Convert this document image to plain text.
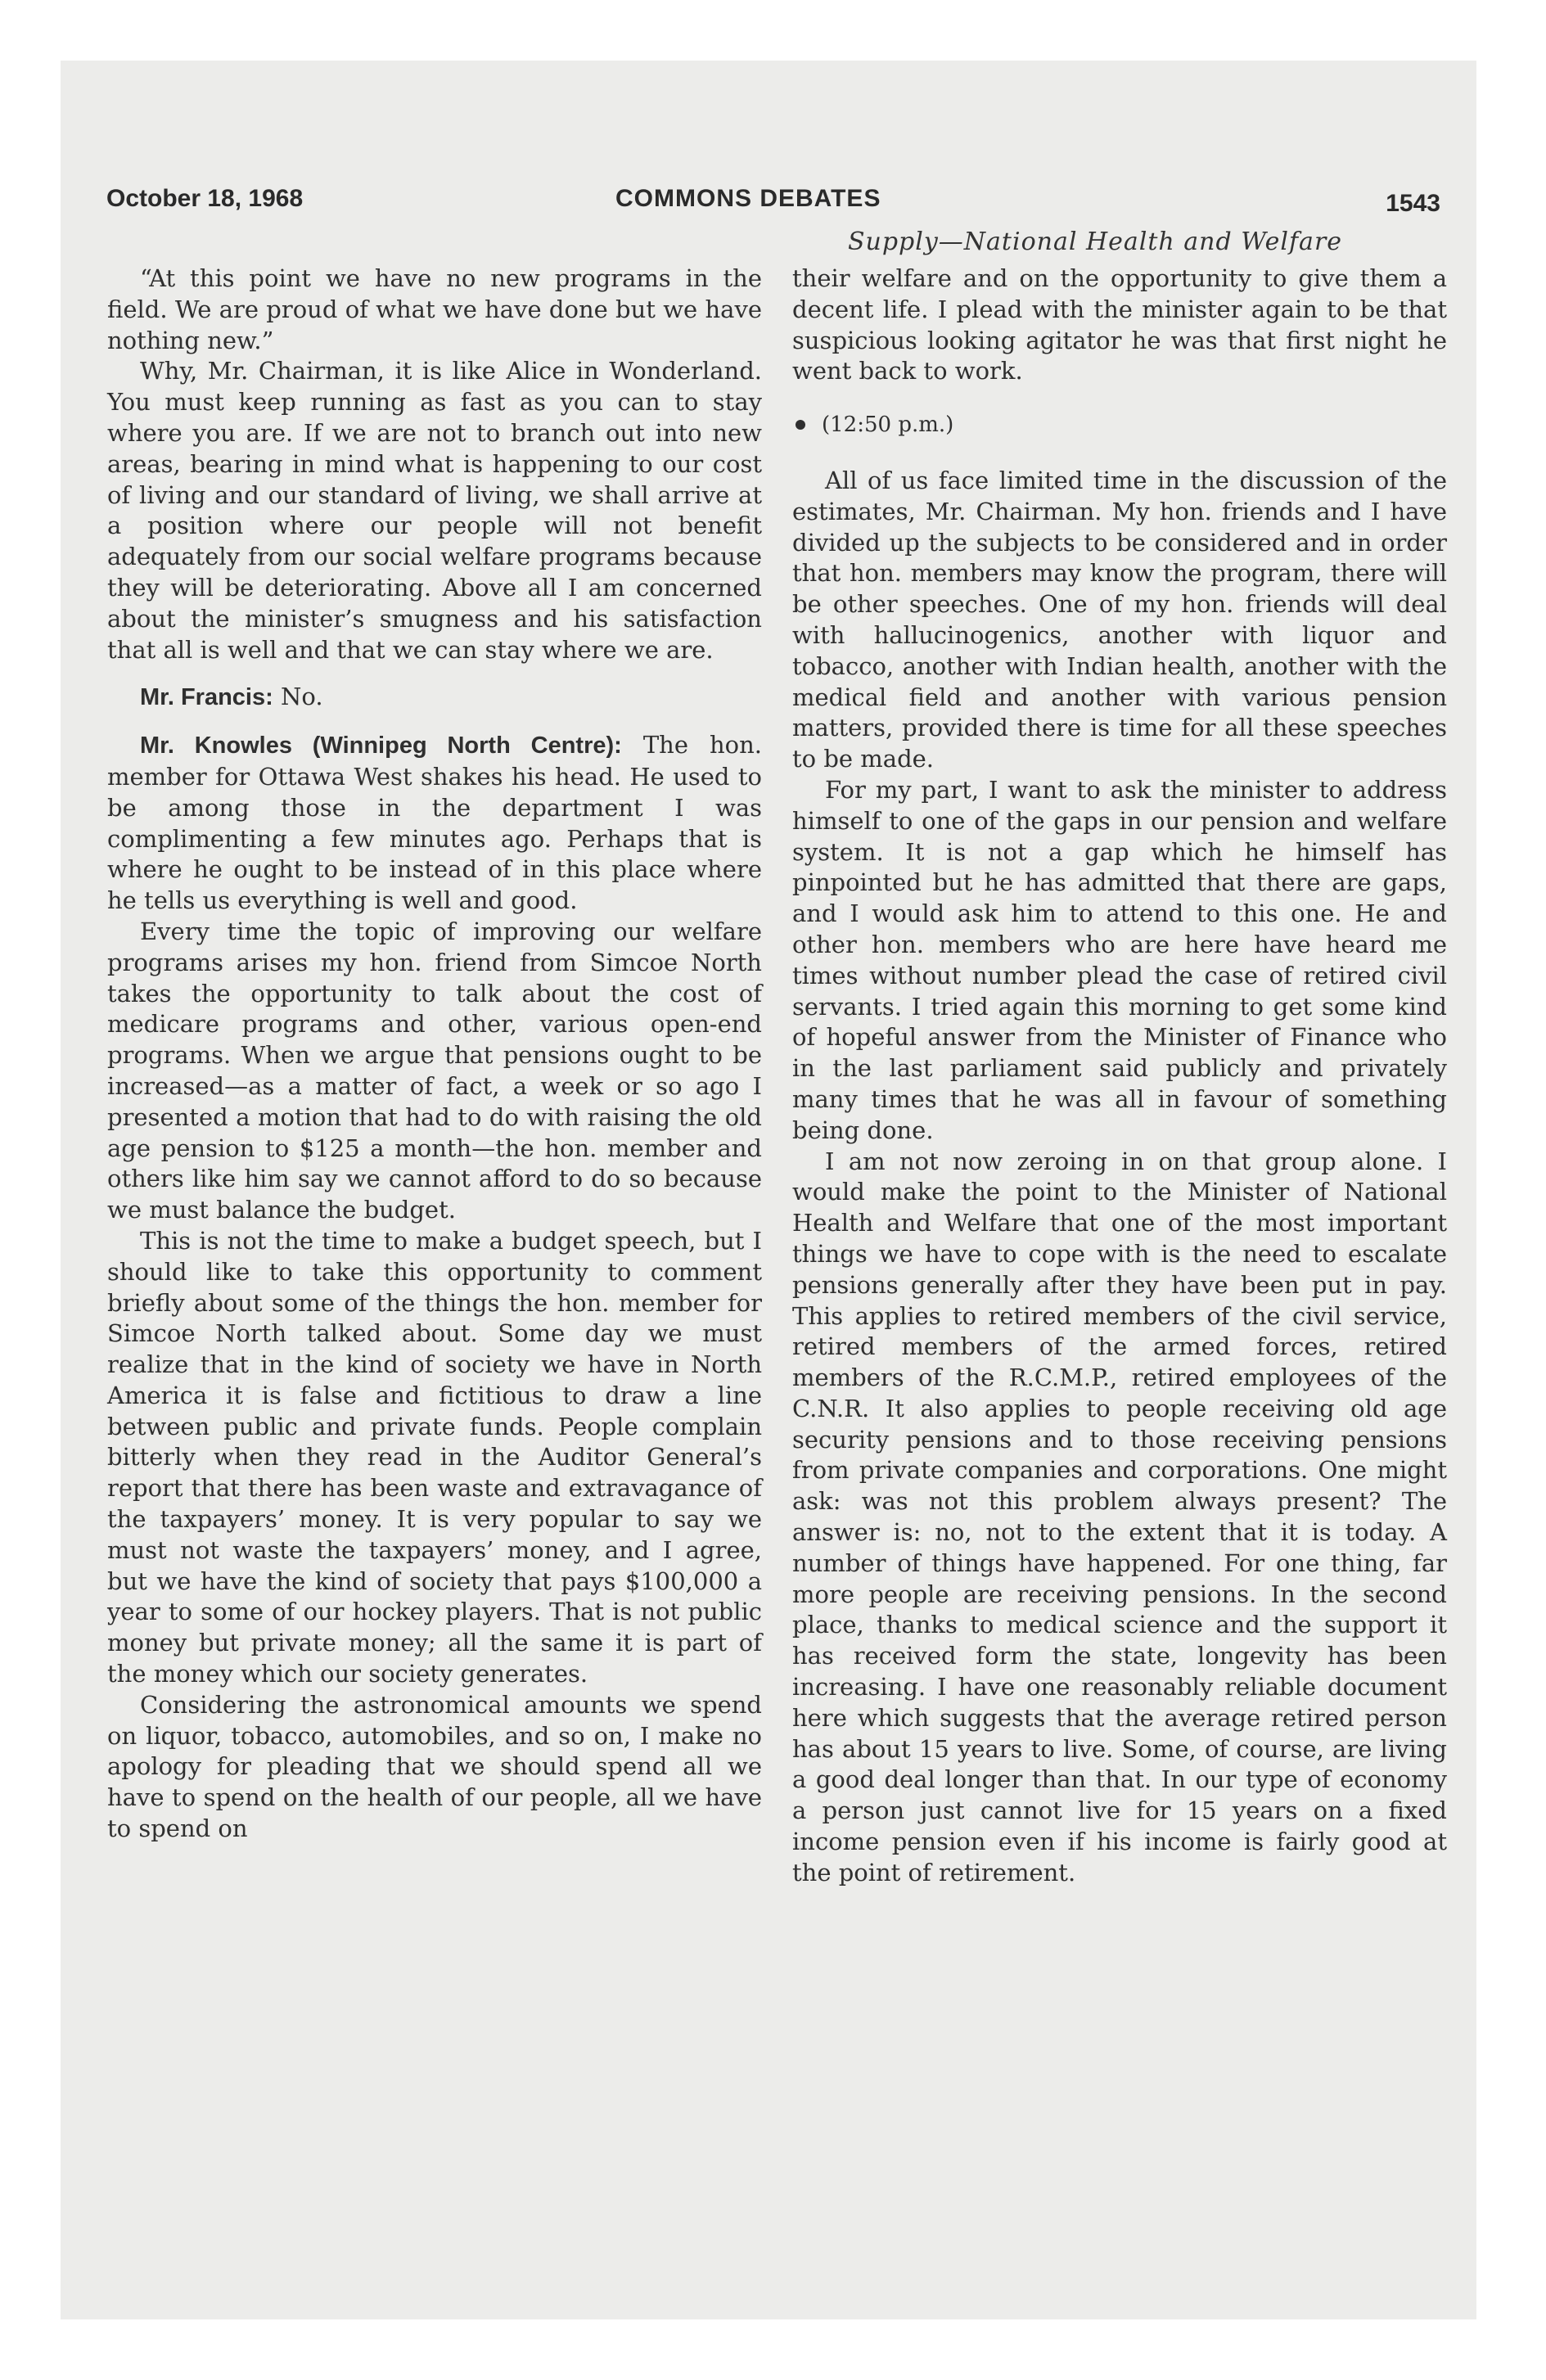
October 18, 1968	COMMONS DEBATES	1543
Supply—National Health and Welfare

“At this point we have no new programs in the field. We are proud of what we have done but we have nothing new.”

Why, Mr. Chairman, it is like Alice in Wonderland. You must keep running as fast as you can to stay where you are. If we are not to branch out into new areas, bearing in mind what is happening to our cost of living and our standard of living, we shall arrive at a position where our people will not benefit adequately from our social welfare programs because they will be deteriorating. Above all I am concerned about the minister’s smugness and his satisfaction that all is well and that we can stay where we are.

Mr. Francis: No.

Mr. Knowles (Winnipeg North Centre): The hon. member for Ottawa West shakes his head. He used to be among those in the department I was complimenting a few minutes ago. Perhaps that is where he ought to be instead of in this place where he tells us everything is well and good.

Every time the topic of improving our welfare programs arises my hon. friend from Simcoe North takes the opportunity to talk about the cost of medicare programs and other, various open-end programs. When we argue that pensions ought to be increased—as a matter of fact, a week or so ago I presented a motion that had to do with raising the old age pension to $125 a month—the hon. member and others like him say we cannot afford to do so because we must balance the budget.

This is not the time to make a budget speech, but I should like to take this opportunity to comment briefly about some of the things the hon. member for Simcoe North talked about. Some day we must realize that in the kind of society we have in North America it is false and fictitious to draw a line between public and private funds. People complain bitterly when they read in the Auditor General’s report that there has been waste and extravagance of the taxpayers’ money. It is very popular to say we must not waste the taxpayers’ money, and I agree, but we have the kind of society that pays $100,000 a year to some of our hockey players. That is not public money but private money; all the same it is part of the money which our society generates.

Considering the astronomical amounts we spend on liquor, tobacco, automobiles, and so on, I make no apology for pleading that we should spend all we have to spend on the health of our people, all we have to spend on

their welfare and on the opportunity to give them a decent life. I plead with the minister again to be that suspicious looking agitator he was that first night he went back to work.

(12:50 p.m.)

All of us face limited time in the discussion of the estimates, Mr. Chairman. My hon. friends and I have divided up the subjects to be considered and in order that hon. members may know the program, there will be other speeches. One of my hon. friends will deal with hallucinogenics, another with liquor and tobacco, another with Indian health, another with the medical field and another with various pension matters, provided there is time for all these speeches to be made.

For my part, I want to ask the minister to address himself to one of the gaps in our pension and welfare system. It is not a gap which he himself has pinpointed but he has admitted that there are gaps, and I would ask him to attend to this one. He and other hon. members who are here have heard me times without number plead the case of retired civil servants. I tried again this morning to get some kind of hopeful answer from the Minister of Finance who in the last parliament said publicly and privately many times that he was all in favour of something being done.

I am not now zeroing in on that group alone. I would make the point to the Minister of National Health and Welfare that one of the most important things we have to cope with is the need to escalate pensions generally after they have been put in pay. This applies to retired members of the civil service, retired members of the armed forces, retired members of the R.C.M.P., retired employees of the C.N.R. It also applies to people receiving old age security pensions and to those receiving pensions from private companies and corporations. One might ask: was not this problem always present? The answer is: no, not to the extent that it is today. A number of things have happened. For one thing, far more people are receiving pensions. In the second place, thanks to medical science and the support it has received form the state, longevity has been increasing. I have one reasonably reliable document here which suggests that the average retired person has about 15 years to live. Some, of course, are living a good deal longer than that. In our type of economy a person just cannot live for 15 years on a fixed income pension even if his income is fairly good at the point of retirement.
